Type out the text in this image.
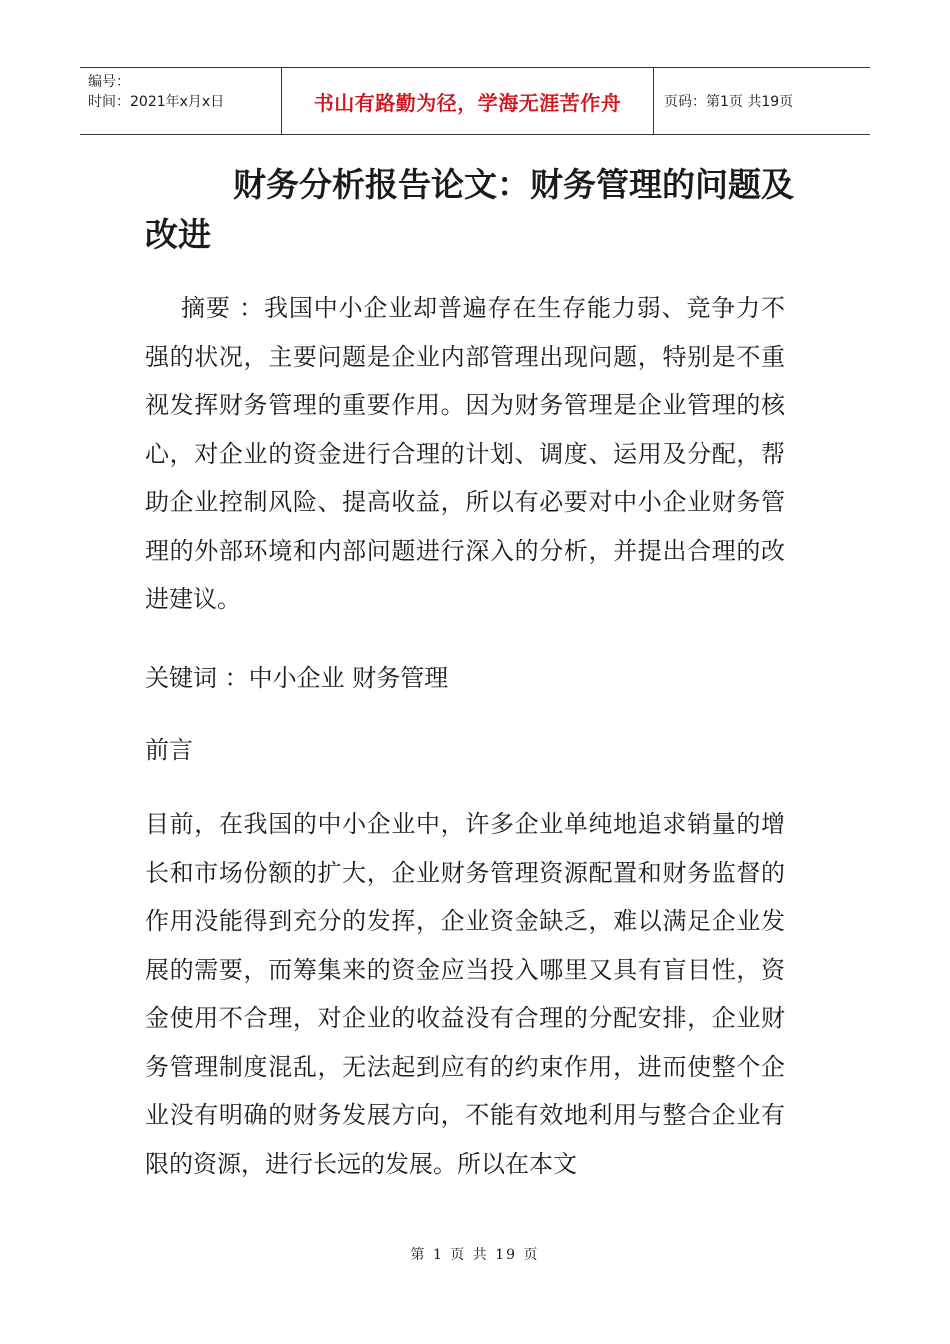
编号：
时间：2021年x月x日	书山有路勤为径，学海无涯苦作舟	页码：第1页 共19页
财务分析报告论文：财务管理的问题及改进

摘要 ：我国中小企业却普遍存在生存能力弱、竞争力不强的状况，主要问题是企业内部管理出现问题，特别是不重视发挥财务管理的重要作用。因为财务管理是企业管理的核心，对企业的资金进行合理的计划、调度、运用及分配，帮助企业控制风险、提高收益，所以有必要对中小企业财务管理的外部环境和内部问题进行深入的分析，并提出合理的改进建议。

关键词 ：中小企业 财务管理

前言

目前，在我国的中小企业中，许多企业单纯地追求销量的增长和市场份额的扩大，企业财务管理资源配置和财务监督的作用没能得到充分的发挥，企业资金缺乏，难以满足企业发展的需要，而筹集来的资金应当投入哪里又具有盲目性，资金使用不合理，对企业的收益没有合理的分配安排，企业财务管理制度混乱，无法起到应有的约束作用，进而使整个企业没有明确的财务发展方向，不能有效地利用与整合企业有限的资源，进行长远的发展。所以在本文

第 1 页 共 19 页
